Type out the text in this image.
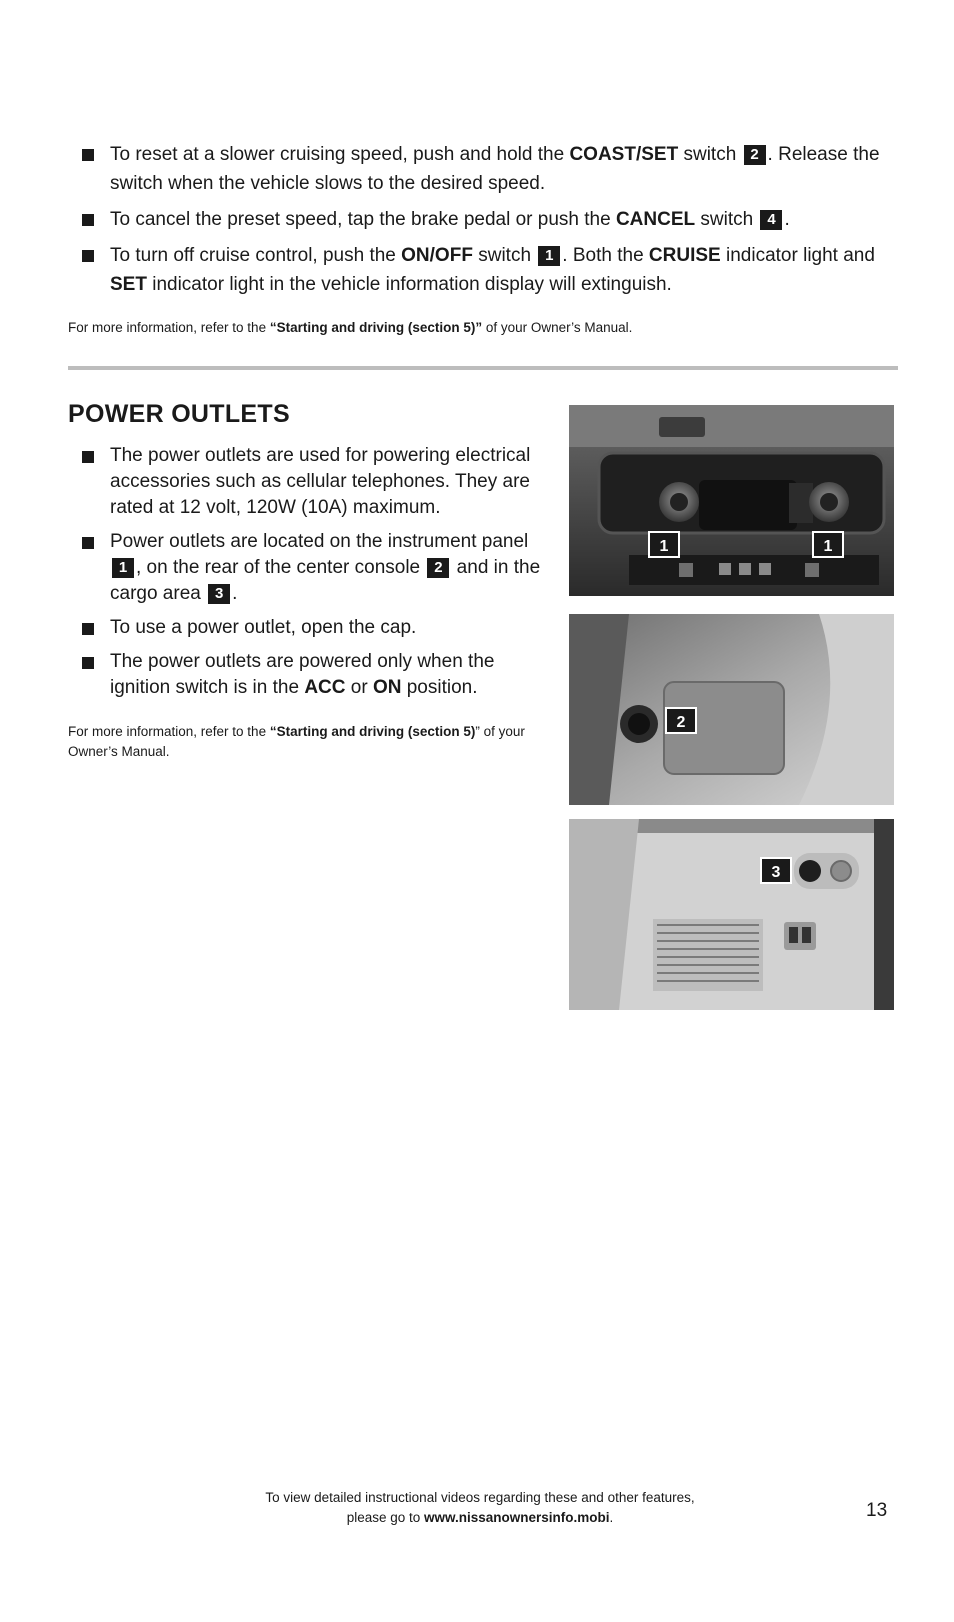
To reset at a slower cruising speed, push and hold the COAST/SET switch 2 . Release the switch when the vehicle slows to the desired speed.
To cancel the preset speed, tap the brake pedal or push the CANCEL switch 4 .
To turn off cruise control, push the ON/OFF switch 1 . Both the CRUISE indicator light and SET indicator light in the vehicle information display will extinguish.
For more information, refer to the “Starting and driving (section 5)” of your Owner’s Manual.
POWER OUTLETS
The power outlets are used for powering electrical accessories such as cellular telephones. They are rated at 12 volt, 120W (10A) maximum.
Power outlets are located on the instrument panel 1 , on the rear of the center console 2 and in the cargo area 3 .
To use a power outlet, open the cap.
The power outlets are powered only when the ignition switch is in the ACC or ON position.
For more information, refer to the “Starting and driving (section 5)” of your Owner’s Manual.
1	1
2
3
To view detailed instructional videos regarding these and other features,
please go to www.nissanownersinfo.mobi.	13
